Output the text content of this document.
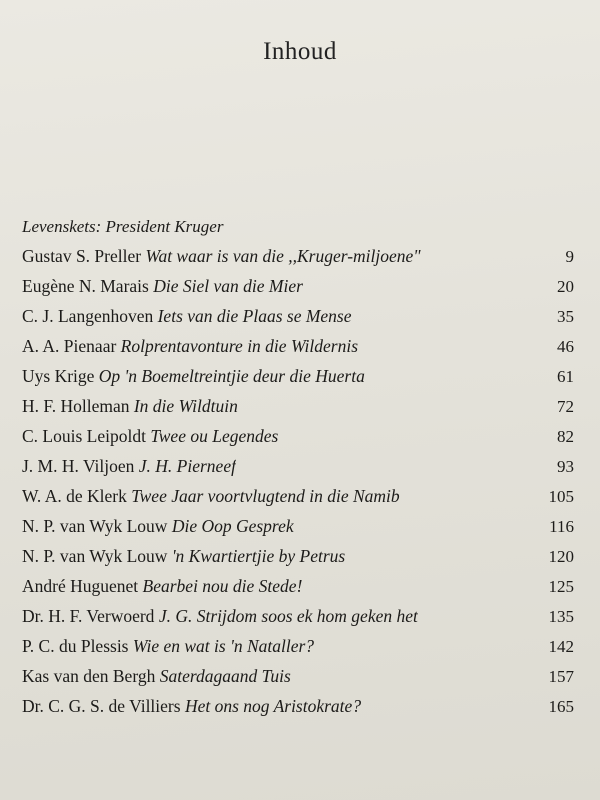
Inhoud
Levenskets: President Kruger
Gustav S. Preller Wat waar is van die ,,Kruger-miljoene"	9
Eugène N. Marais Die Siel van die Mier	20
C. J. Langenhoven Iets van die Plaas se Mense	35
A. A. Pienaar Rolprentavonture in die Wildernis	46
Uys Krige Op 'n Boemeltreintjie deur die Huerta	61
H. F. Holleman In die Wildtuin	72
C. Louis Leipoldt Twee ou Legendes	82
J. M. H. Viljoen J. H. Pierneef	93
W. A. de Klerk Twee Jaar voortvlugtend in die Namib	105
N. P. van Wyk Louw Die Oop Gesprek	116
N. P. van Wyk Louw 'n Kwartiertjie by Petrus	120
André Huguenet Bearbei nou die Stede!	125
Dr. H. F. Verwoerd J. G. Strijdom soos ek hom geken het	135
P. C. du Plessis Wie en wat is 'n Nataller?	142
Kas van den Bergh Saterdagaand Tuis	157
Dr. C. G. S. de Villiers Het ons nog Aristokrate?	165
